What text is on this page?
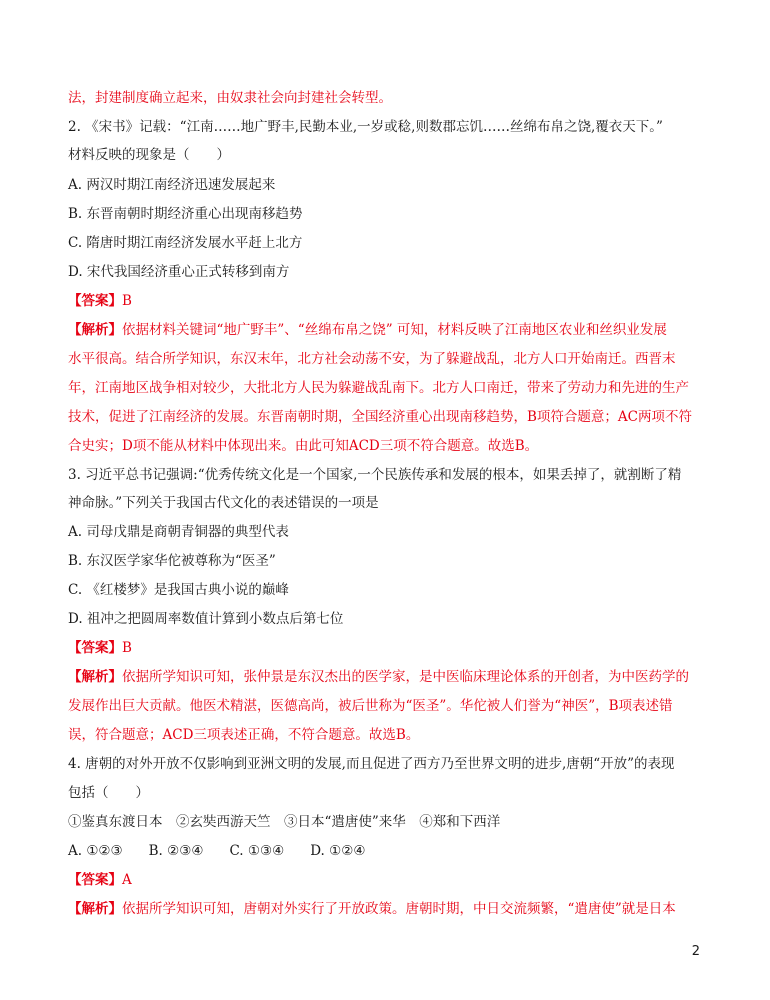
法，封建制度确立起来，由奴隶社会向封建社会转型。
2. 《宋书》记载：“江南……地广野丰,民勤本业,一岁或稔,则数郡忘饥……丝绵布帛之饶,覆衣天下。”
材料反映的现象是（　　）
A. 两汉时期江南经济迅速发展起来
B. 东晋南朝时期经济重心出现南移趋势
C. 隋唐时期江南经济发展水平赶上北方
D. 宋代我国经济重心正式转移到南方
【答案】B
【解析】依据材料关键词“地广野丰”、“丝绵布帛之饶” 可知，材料反映了江南地区农业和丝织业发展
水平很高。结合所学知识，东汉末年，北方社会动荡不安，为了躲避战乱，北方人口开始南迁。西晋末
年，江南地区战争相对较少，大批北方人民为躲避战乱南下。北方人口南迁，带来了劳动力和先进的生产
技术，促进了江南经济的发展。东晋南朝时期，全国经济重心出现南移趋势，B项符合题意；AC两项不符
合史实；D项不能从材料中体现出来。由此可知ACD三项不符合题意。故选B。
3. 习近平总书记强调:“优秀传统文化是一个国家,一个民族传承和发展的根本，如果丢掉了，就割断了精
神命脉。”下列关于我国古代文化的表述错误的一项是
A. 司母戊鼎是商朝青铜器的典型代表
B. 东汉医学家华佗被尊称为“医圣”
C. 《红楼梦》是我国古典小说的巅峰
D. 祖冲之把圆周率数值计算到小数点后第七位
【答案】B
【解析】依据所学知识可知，张仲景是东汉杰出的医学家，是中医临床理论体系的开创者，为中医药学的
发展作出巨大贡献。他医术精湛，医德高尚，被后世称为“医圣”。华佗被人们誉为“神医”，B项表述错
误，符合题意；ACD三项表述正确，不符合题意。故选B。
4. 唐朝的对外开放不仅影响到亚洲文明的发展,而且促进了西方乃至世界文明的进步,唐朝“开放”的表现
包括（　　）
①鉴真东渡日本　②玄奘西游天竺　③日本“遣唐使”来华　④郑和下西洋
A. ①②③ B. ②③④ C. ①③④ D. ①②④
【答案】A
【解析】依据所学知识可知，唐朝对外实行了开放政策。唐朝时期，中日交流频繁，“遣唐使”就是日本
2
